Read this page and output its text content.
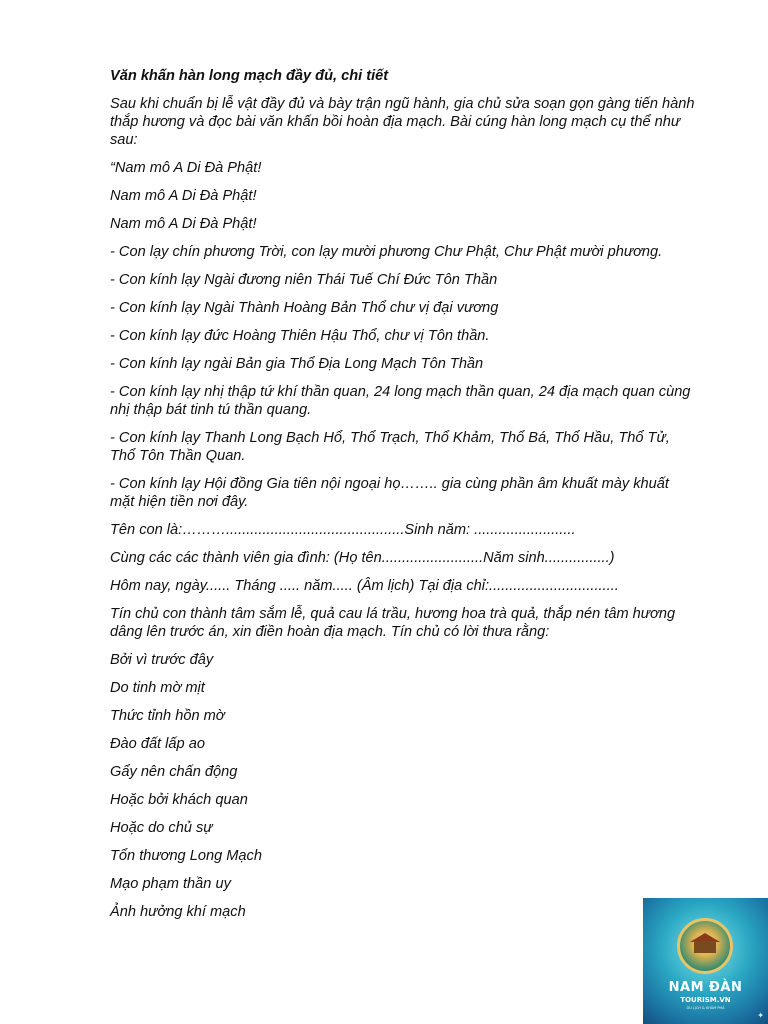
Văn khấn hàn long mạch đầy đủ, chi tiết

Sau khi chuẩn bị lễ vật đầy đủ và bày trận ngũ hành, gia chủ sửa soạn gọn gàng tiến hành thắp hương và đọc bài văn khấn bồi hoàn địa mạch. Bài cúng hàn long mạch cụ thể như sau:

“Nam mô A Di Đà Phật!

Nam mô A Di Đà Phật!

Nam mô A Di Đà Phật!

- Con lạy chín phương Trời, con lạy mười phương Chư Phật, Chư Phật mười phương.

- Con kính lạy Ngài đương niên Thái Tuế Chí Đức Tôn Thần

- Con kính lạy Ngài Thành Hoàng Bản Thổ chư vị đại vương

- Con kính lạy đức Hoàng Thiên Hậu Thổ, chư vị Tôn thần.

- Con kính lạy ngài Bản gia Thổ Địa Long Mạch Tôn Thần

- Con kính lạy nhị thập tứ khí thần quan, 24 long mạch thần quan, 24 địa mạch quan cùng nhị thập bát tinh tú thần quang.

- Con kính lạy Thanh Long Bạch Hổ, Thổ Trạch, Thổ Khảm, Thổ Bá, Thổ Hầu, Thổ Tử, Thổ Tôn Thần Quan.

- Con kính lạy Hội đồng Gia tiên nội ngoại họ…….. gia cùng phần âm khuất mày khuất mặt hiện tiền nơi đây.

Tên con là:………............................................Sinh năm: .........................

Cùng các các thành viên gia đình: (Họ tên.........................Năm sinh................)

Hôm nay, ngày...... Tháng ..... năm..... (Âm lịch) Tại địa chỉ:................................

Tín chủ con thành tâm sắm lễ, quả cau lá trầu, hương hoa trà quả, thắp nén tâm hương dâng lên trước án, xin điền hoàn địa mạch. Tín chủ có lời thưa rằng:

Bởi vì trước đây

Do tinh mờ mịt

Thức tỉnh hồn mờ

Đào đất lấp ao

Gẩy nên chấn động

Hoặc bởi khách quan

Hoặc do chủ sự

Tổn thương Long Mạch

Mạo phạm thần uy

Ảnh hưởng khí mạch

NAM ĐÀN
TOURISM.VN
DU LỊCH & KHÁM PHÁ
✦
